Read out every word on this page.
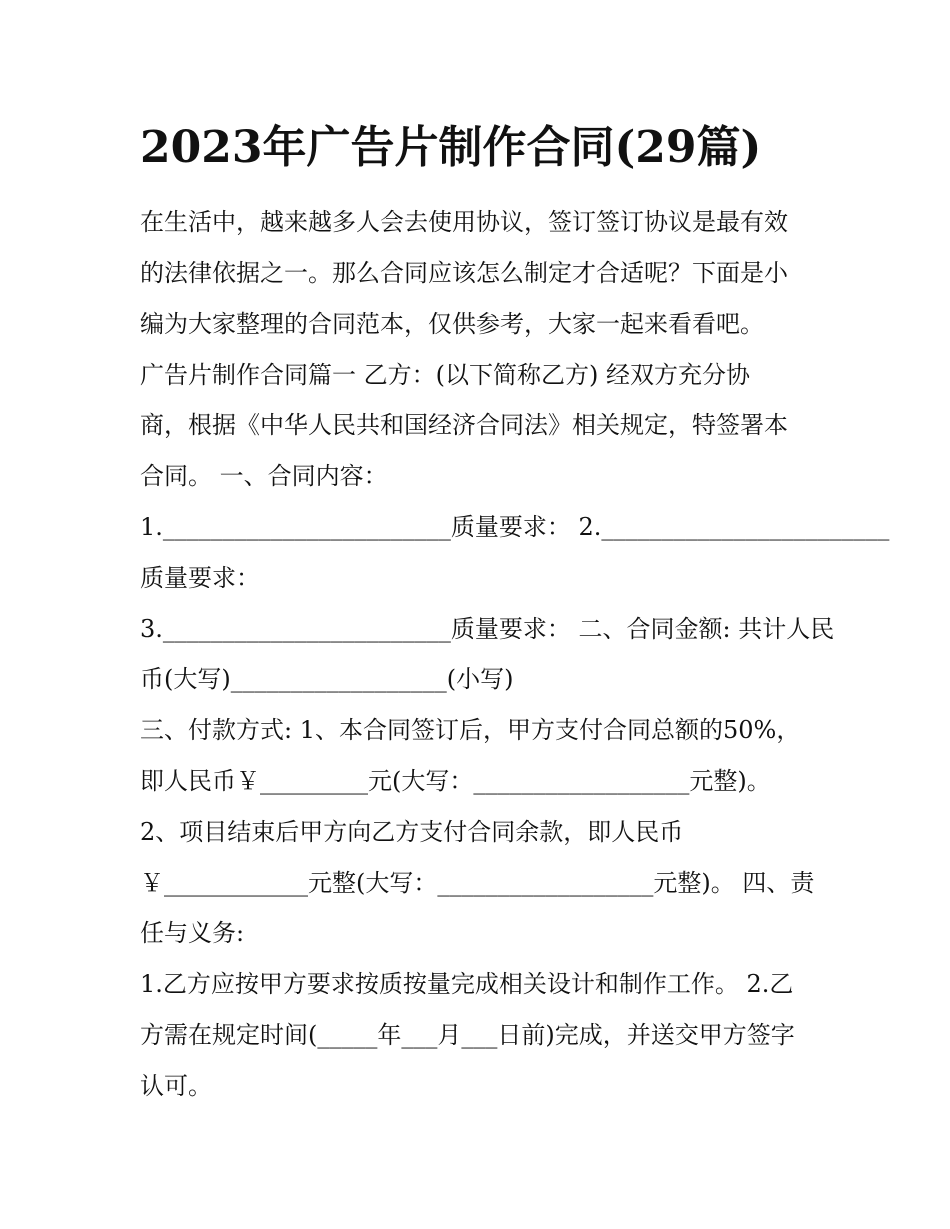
2023年广告片制作合同(29篇)

在生活中，越来越多人会去使用协议，签订签订协议是最有效

的法律依据之一。那么合同应该怎么制定才合适呢？下面是小

编为大家整理的合同范本，仅供参考，大家一起来看看吧。

广告片制作合同篇一 乙方：(以下简称乙方) 经双方充分协

商，根据《中华人民共和国经济合同法》相关规定，特签署本

合同。 一、合同内容：

1.________________________质量要求： 2.________________________

质量要求：

3.________________________质量要求： 二、合同金额: 共计人民

币(大写)__________________(小写)

三、付款方式: 1、本合同签订后，甲方支付合同总额的50%，

即人民币￥_________元(大写：__________________元整)。

2、项目结束后甲方向乙方支付合同余款，即人民币

￥____________元整(大写：__________________元整)。 四、责

任与义务:

1.乙方应按甲方要求按质按量完成相关设计和制作工作。 2.乙

方需在规定时间(_____年___月___日前)完成，并送交甲方签字

认可。
